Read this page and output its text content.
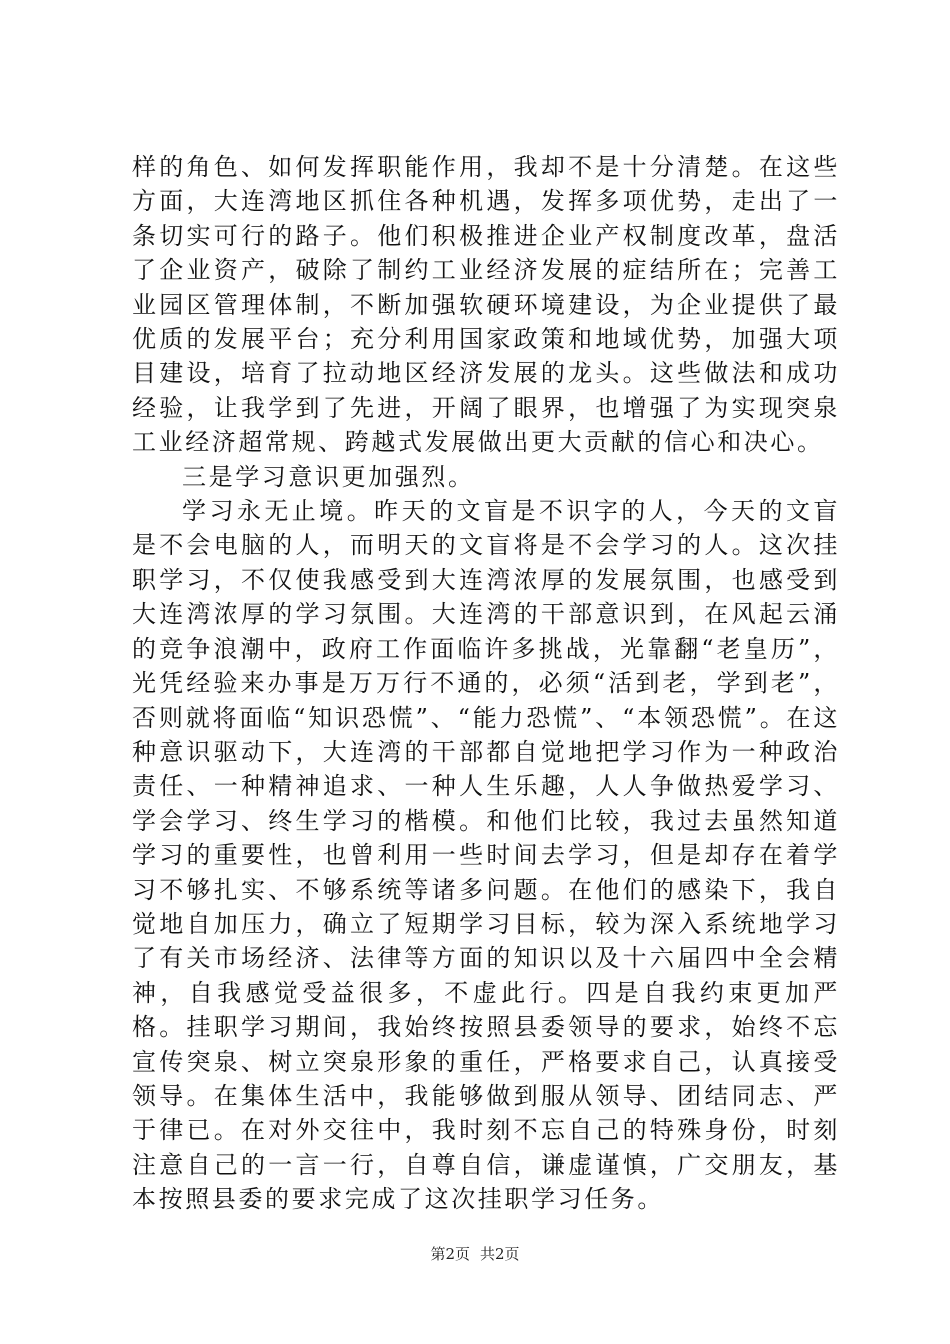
样的角色、如何发挥职能作用，我却不是十分清楚。在这些方面，大连湾地区抓住各种机遇，发挥多项优势，走出了一条切实可行的路子。他们积极推进企业产权制度改革，盘活了企业资产，破除了制约工业经济发展的症结所在；完善工业园区管理体制，不断加强软硬环境建设，为企业提供了最优质的发展平台；充分利用国家政策和地域优势，加强大项目建设，培育了拉动地区经济发展的龙头。这些做法和成功经验，让我学到了先进，开阔了眼界，也增强了为实现突泉工业经济超常规、跨越式发展做出更大贡献的信心和决心。

三是学习意识更加强烈。

学习永无止境。昨天的文盲是不识字的人，今天的文盲是不会电脑的人，而明天的文盲将是不会学习的人。这次挂职学习，不仅使我感受到大连湾浓厚的发展氛围，也感受到大连湾浓厚的学习氛围。大连湾的干部意识到，在风起云涌的竞争浪潮中，政府工作面临许多挑战，光靠翻“老皇历”，光凭经验来办事是万万行不通的，必须“活到老，学到老”，否则就将面临“知识恐慌”、“能力恐慌”、“本领恐慌”。在这种意识驱动下，大连湾的干部都自觉地把学习作为一种政治责任、一种精神追求、一种人生乐趣，人人争做热爱学习、学会学习、终生学习的楷模。和他们比较，我过去虽然知道学习的重要性，也曾利用一些时间去学习，但是却存在着学习不够扎实、不够系统等诸多问题。在他们的感染下，我自觉地自加压力，确立了短期学习目标，较为深入系统地学习了有关市场经济、法律等方面的知识以及十六届四中全会精神，自我感觉受益很多，不虚此行。四是自我约束更加严格。挂职学习期间，我始终按照县委领导的要求，始终不忘宣传突泉、树立突泉形象的重任，严格要求自己，认真接受领导。在集体生活中，我能够做到服从领导、团结同志、严于律已。在对外交往中，我时刻不忘自己的特殊身份，时刻注意自己的一言一行，自尊自信，谦虚谨慎，广交朋友，基本按照县委的要求完成了这次挂职学习任务。

第2页 共2页
